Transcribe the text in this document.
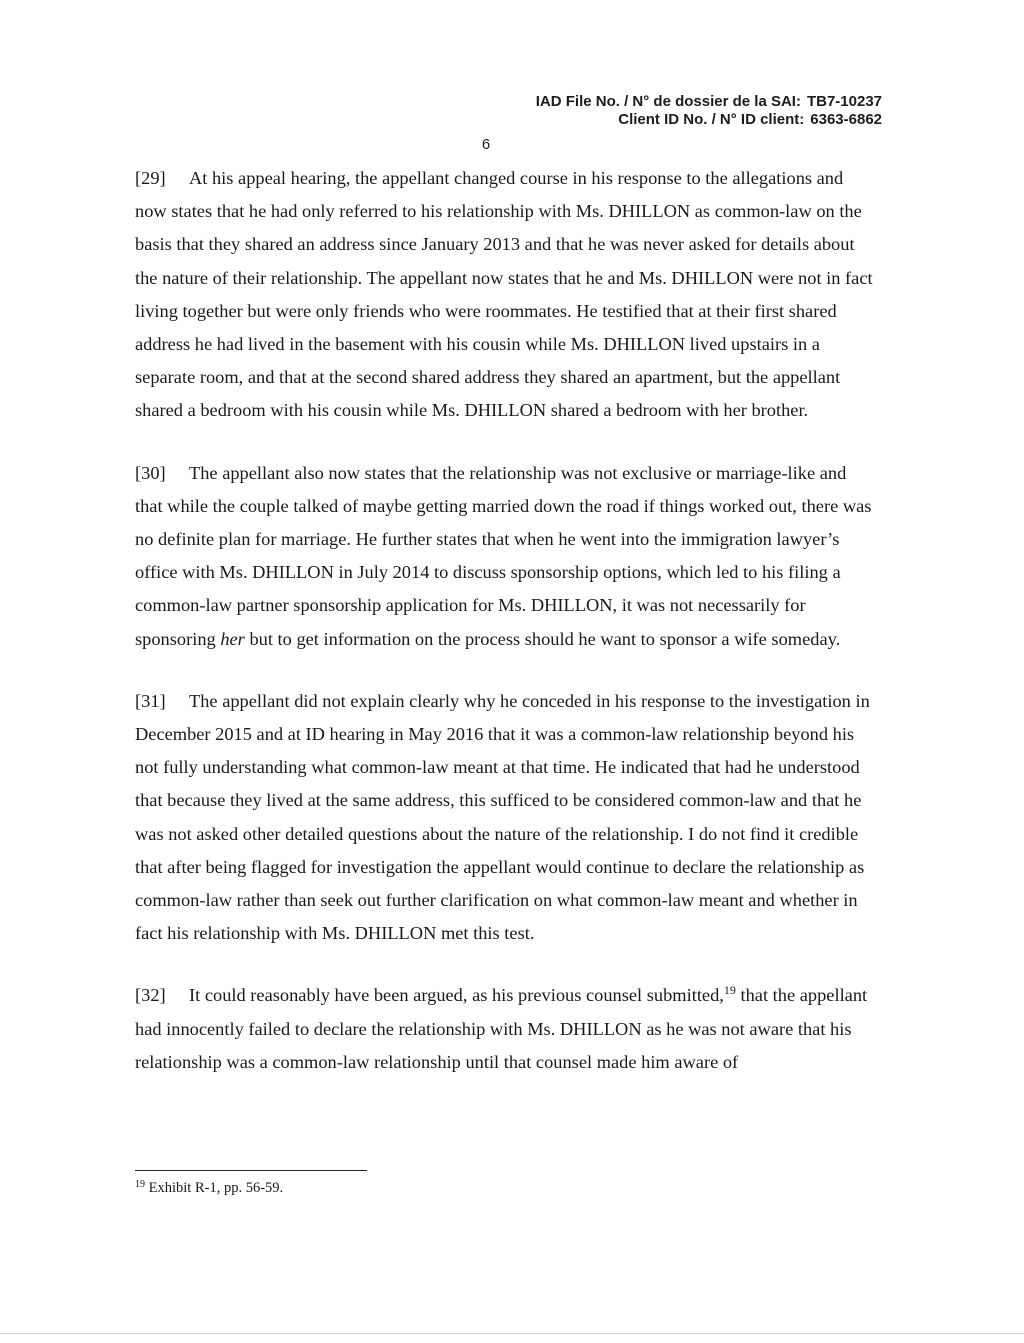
IAD File No. / N° de dossier de la SAI: TB7-10237
Client ID No. / N° ID client: 6363-6862
6

[29] At his appeal hearing, the appellant changed course in his response to the allegations and now states that he had only referred to his relationship with Ms. DHILLON as common-law on the basis that they shared an address since January 2013 and that he was never asked for details about the nature of their relationship. The appellant now states that he and Ms. DHILLON were not in fact living together but were only friends who were roommates. He testified that at their first shared address he had lived in the basement with his cousin while Ms. DHILLON lived upstairs in a separate room, and that at the second shared address they shared an apartment, but the appellant shared a bedroom with his cousin while Ms. DHILLON shared a bedroom with her brother.

[30] The appellant also now states that the relationship was not exclusive or marriage-like and that while the couple talked of maybe getting married down the road if things worked out, there was no definite plan for marriage. He further states that when he went into the immigration lawyer’s office with Ms. DHILLON in July 2014 to discuss sponsorship options, which led to his filing a common-law partner sponsorship application for Ms. DHILLON, it was not necessarily for sponsoring her but to get information on the process should he want to sponsor a wife someday.

[31] The appellant did not explain clearly why he conceded in his response to the investigation in December 2015 and at ID hearing in May 2016 that it was a common-law relationship beyond his not fully understanding what common-law meant at that time. He indicated that had he understood that because they lived at the same address, this sufficed to be considered common-law and that he was not asked other detailed questions about the nature of the relationship. I do not find it credible that after being flagged for investigation the appellant would continue to declare the relationship as common-law rather than seek out further clarification on what common-law meant and whether in fact his relationship with Ms. DHILLON met this test.

[32] It could reasonably have been argued, as his previous counsel submitted,$^{19}$ that the appellant had innocently failed to declare the relationship with Ms. DHILLON as he was not aware that his relationship was a common-law relationship until that counsel made him aware of

$^{19}$ Exhibit R-1, pp. 56-59.
